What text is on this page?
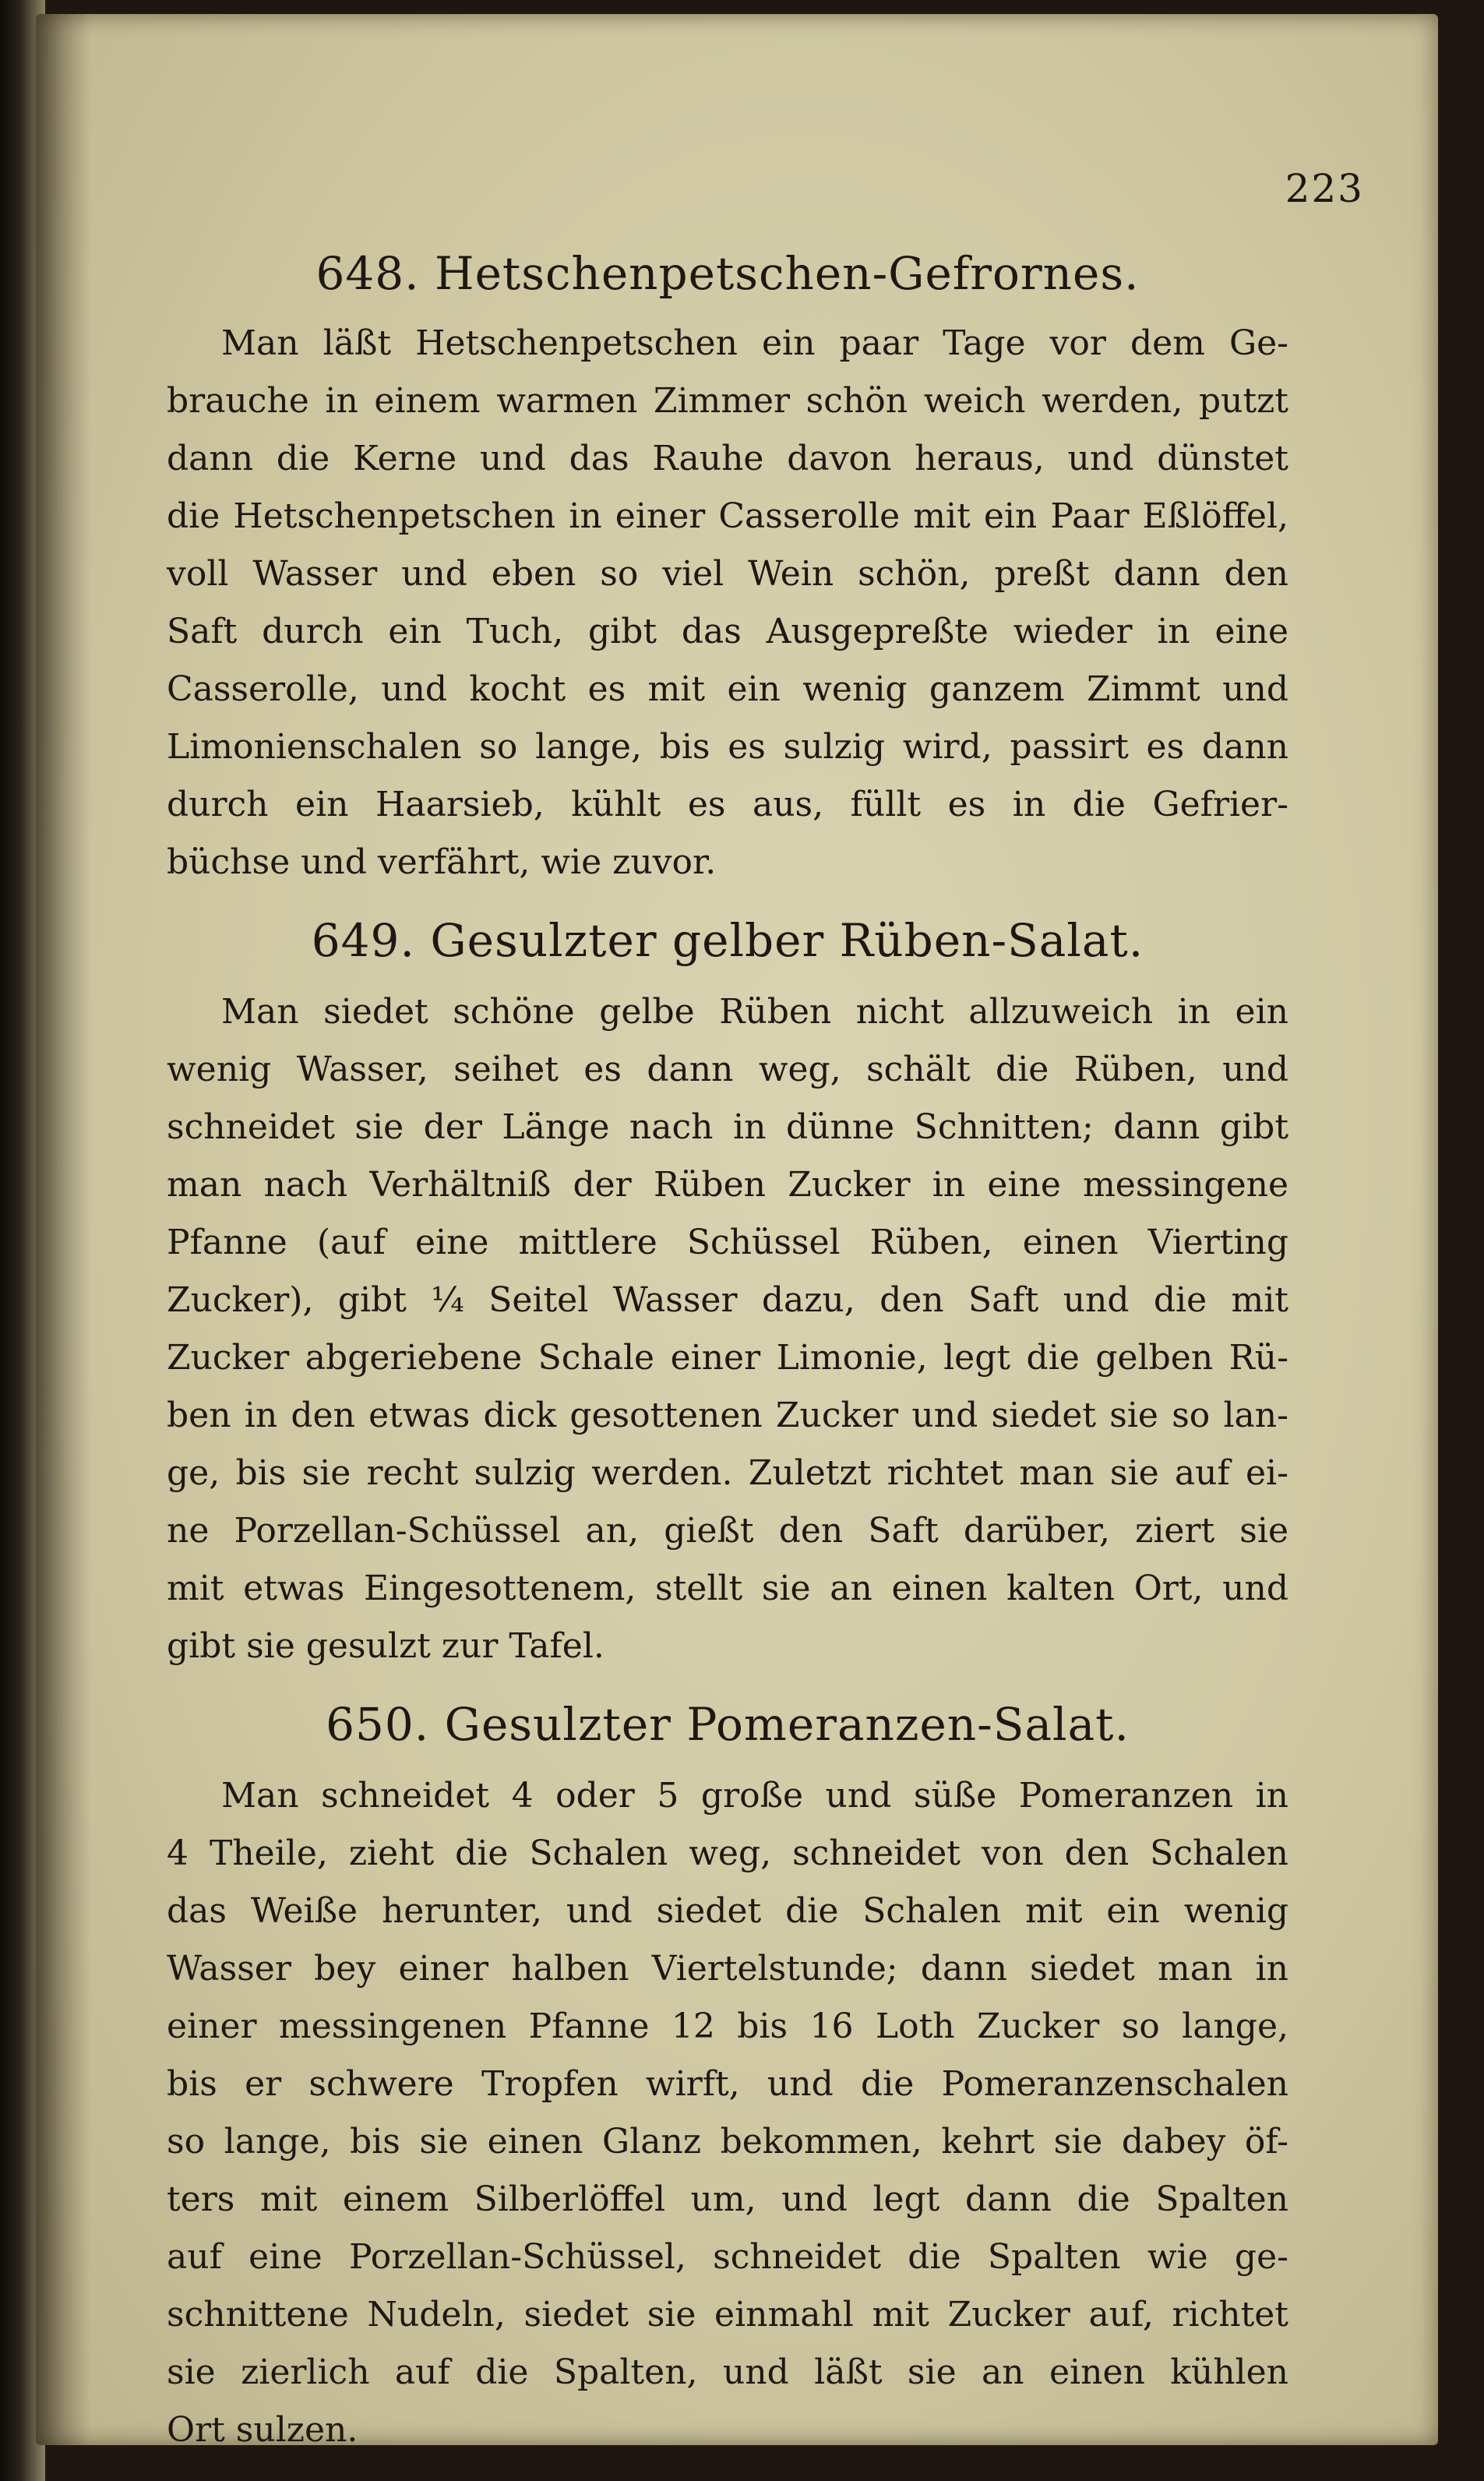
223
648. Hetschenpetschen-Gefrornes.
Man läßt Hetschenpetschen ein paar Tage vor dem Ge-
brauche in einem warmen Zimmer schön weich werden, putzt
dann die Kerne und das Rauhe davon heraus, und dünstet
die Hetschenpetschen in einer Casserolle mit ein Paar Eßlöffel,
voll Wasser und eben so viel Wein schön, preßt dann den
Saft durch ein Tuch, gibt das Ausgepreßte wieder in eine
Casserolle, und kocht es mit ein wenig ganzem Zimmt und
Limonienschalen so lange, bis es sulzig wird, passirt es dann
durch ein Haarsieb, kühlt es aus, füllt es in die Gefrier-
büchse und verfährt, wie zuvor.
649. Gesulzter gelber Rüben-Salat.
Man siedet schöne gelbe Rüben nicht allzuweich in ein
wenig Wasser, seihet es dann weg, schält die Rüben, und
schneidet sie der Länge nach in dünne Schnitten; dann gibt
man nach Verhältniß der Rüben Zucker in eine messingene
Pfanne (auf eine mittlere Schüssel Rüben, einen Vierting
Zucker), gibt ¼ Seitel Wasser dazu, den Saft und die mit
Zucker abgeriebene Schale einer Limonie, legt die gelben Rü-
ben in den etwas dick gesottenen Zucker und siedet sie so lan-
ge, bis sie recht sulzig werden. Zuletzt richtet man sie auf ei-
ne Porzellan-Schüssel an, gießt den Saft darüber, ziert sie
mit etwas Eingesottenem, stellt sie an einen kalten Ort, und
gibt sie gesulzt zur Tafel.
650. Gesulzter Pomeranzen-Salat.
Man schneidet 4 oder 5 große und süße Pomeranzen in
4 Theile, zieht die Schalen weg, schneidet von den Schalen
das Weiße herunter, und siedet die Schalen mit ein wenig
Wasser bey einer halben Viertelstunde; dann siedet man in
einer messingenen Pfanne 12 bis 16 Loth Zucker so lange,
bis er schwere Tropfen wirft, und die Pomeranzenschalen
so lange, bis sie einen Glanz bekommen, kehrt sie dabey öf-
ters mit einem Silberlöffel um, und legt dann die Spalten
auf eine Porzellan-Schüssel, schneidet die Spalten wie ge-
schnittene Nudeln, siedet sie einmahl mit Zucker auf, richtet
sie zierlich auf die Spalten, und läßt sie an einen kühlen
Ort sulzen.
